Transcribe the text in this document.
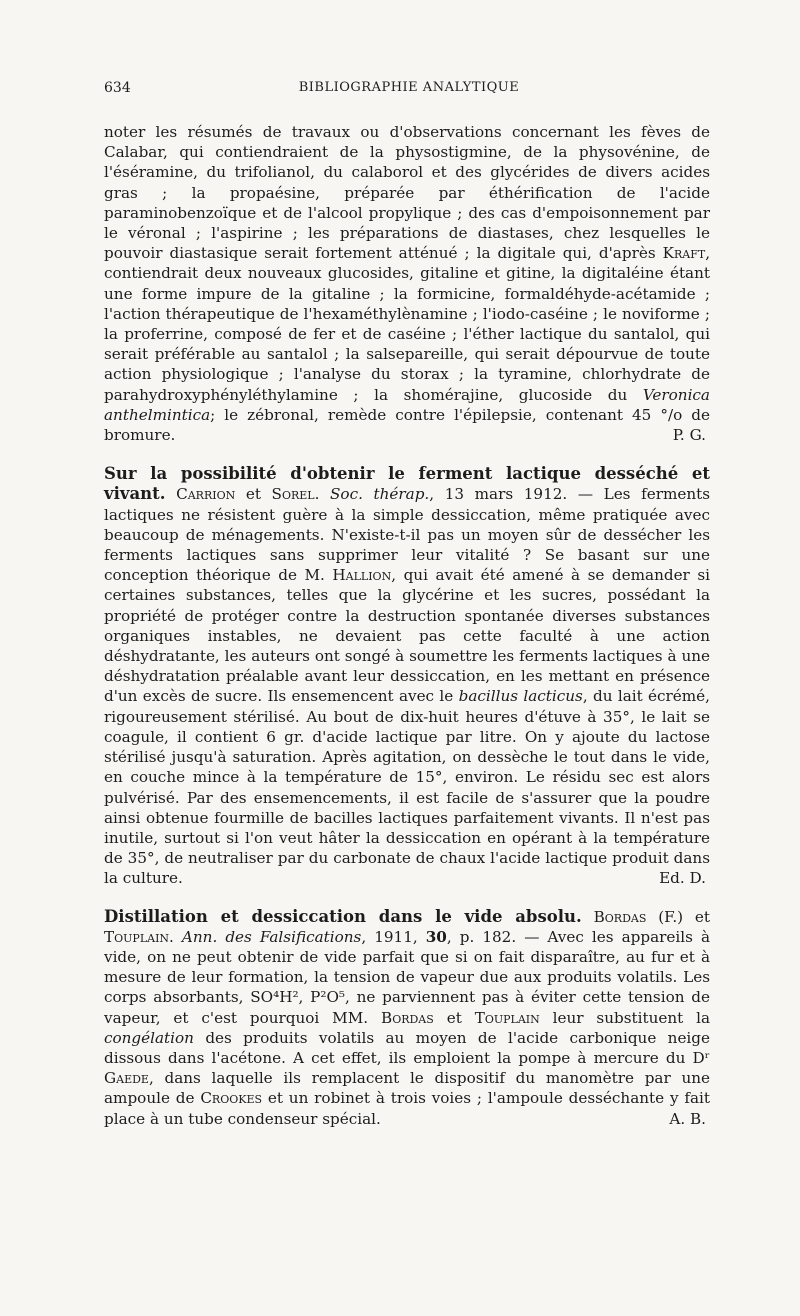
634	BIBLIOGRAPHIE ANALYTIQUE

noter les résumés de travaux ou d'observations concernant les fèves de Calabar, qui contiendraient de la physostigmine, de la physovénine, de l'éséramine, du trifolianol, du calaborol et des glycérides de divers acides gras ; la propaésine, préparée par éthérification de l'acide paraminobenzoïque et de l'alcool propylique ; des cas d'empoisonnement par le véronal ; l'aspirine ; les préparations de diastases, chez lesquelles le pouvoir diastasique serait fortement atténué ; la digitale qui, d'après Kraft, contiendrait deux nouveaux glucosides, gitaline et gitine, la digitaléine étant une forme impure de la gitaline ; la formicine, formaldéhyde-acétamide ; l'action thérapeutique de l'hexaméthylènamine ; l'iodo-caséine ; le noviforme ; la proferrine, composé de fer et de caséine ; l'éther lactique du santalol, qui serait préférable au santalol ; la salsepareille, qui serait dépourvue de toute action physiologique ; l'analyse du storax ; la tyramine, chlorhydrate de parahydroxyphényléthylamine ; la shomérajine, glucoside du Veronica anthelmintica; le zébronal, remède contre l'épilepsie, contenant 45 °/o de bromure.	P. G.

Sur la possibilité d'obtenir le ferment lactique desséché et vivant. Carrion et Sorel. Soc. thérap., 13 mars 1912. — Les ferments lactiques ne résistent guère à la simple dessiccation, même pratiquée avec beaucoup de ménagements. N'existe-t-il pas un moyen sûr de dessécher les ferments lactiques sans supprimer leur vitalité ? Se basant sur une conception théorique de M. Hallion, qui avait été amené à se demander si certaines substances, telles que la glycérine et les sucres, possédant la propriété de protéger contre la destruction spontanée diverses substances organiques instables, ne devaient pas cette faculté à une action déshydratante, les auteurs ont songé à soumettre les ferments lactiques à une déshydratation préalable avant leur dessiccation, en les mettant en présence d'un excès de sucre. Ils ensemencent avec le bacillus lacticus, du lait écrémé, rigoureusement stérilisé. Au bout de dix-huit heures d'étuve à 35°, le lait se coagule, il contient 6 gr. d'acide lactique par litre. On y ajoute du lactose stérilisé jusqu'à saturation. Après agitation, on dessèche le tout dans le vide, en couche mince à la température de 15°, environ. Le résidu sec est alors pulvérisé. Par des ensemencements, il est facile de s'assurer que la poudre ainsi obtenue fourmille de bacilles lactiques parfaitement vivants. Il n'est pas inutile, surtout si l'on veut hâter la dessiccation en opérant à la température de 35°, de neutraliser par du carbonate de chaux l'acide lactique produit dans la culture.	Ed. D.

Distillation et dessiccation dans le vide absolu. Bordas (F.) et Touplain. Ann. des Falsifications, 1911, 30, p. 182. — Avec les appareils à vide, on ne peut obtenir de vide parfait que si on fait disparaître, au fur et à mesure de leur formation, la tension de vapeur due aux produits volatils. Les corps absorbants, SO⁴H², P²O⁵, ne parviennent pas à éviter cette tension de vapeur, et c'est pourquoi MM. Bordas et Touplain leur substituent la congélation des produits volatils au moyen de l'acide carbonique neige dissous dans l'acétone. A cet effet, ils emploient la pompe à mercure du Dʳ Gaede, dans laquelle ils remplacent le dispositif du manomètre par une ampoule de Crookes et un robinet à trois voies ; l'ampoule desséchante y fait place à un tube condenseur spécial.	A. B.
